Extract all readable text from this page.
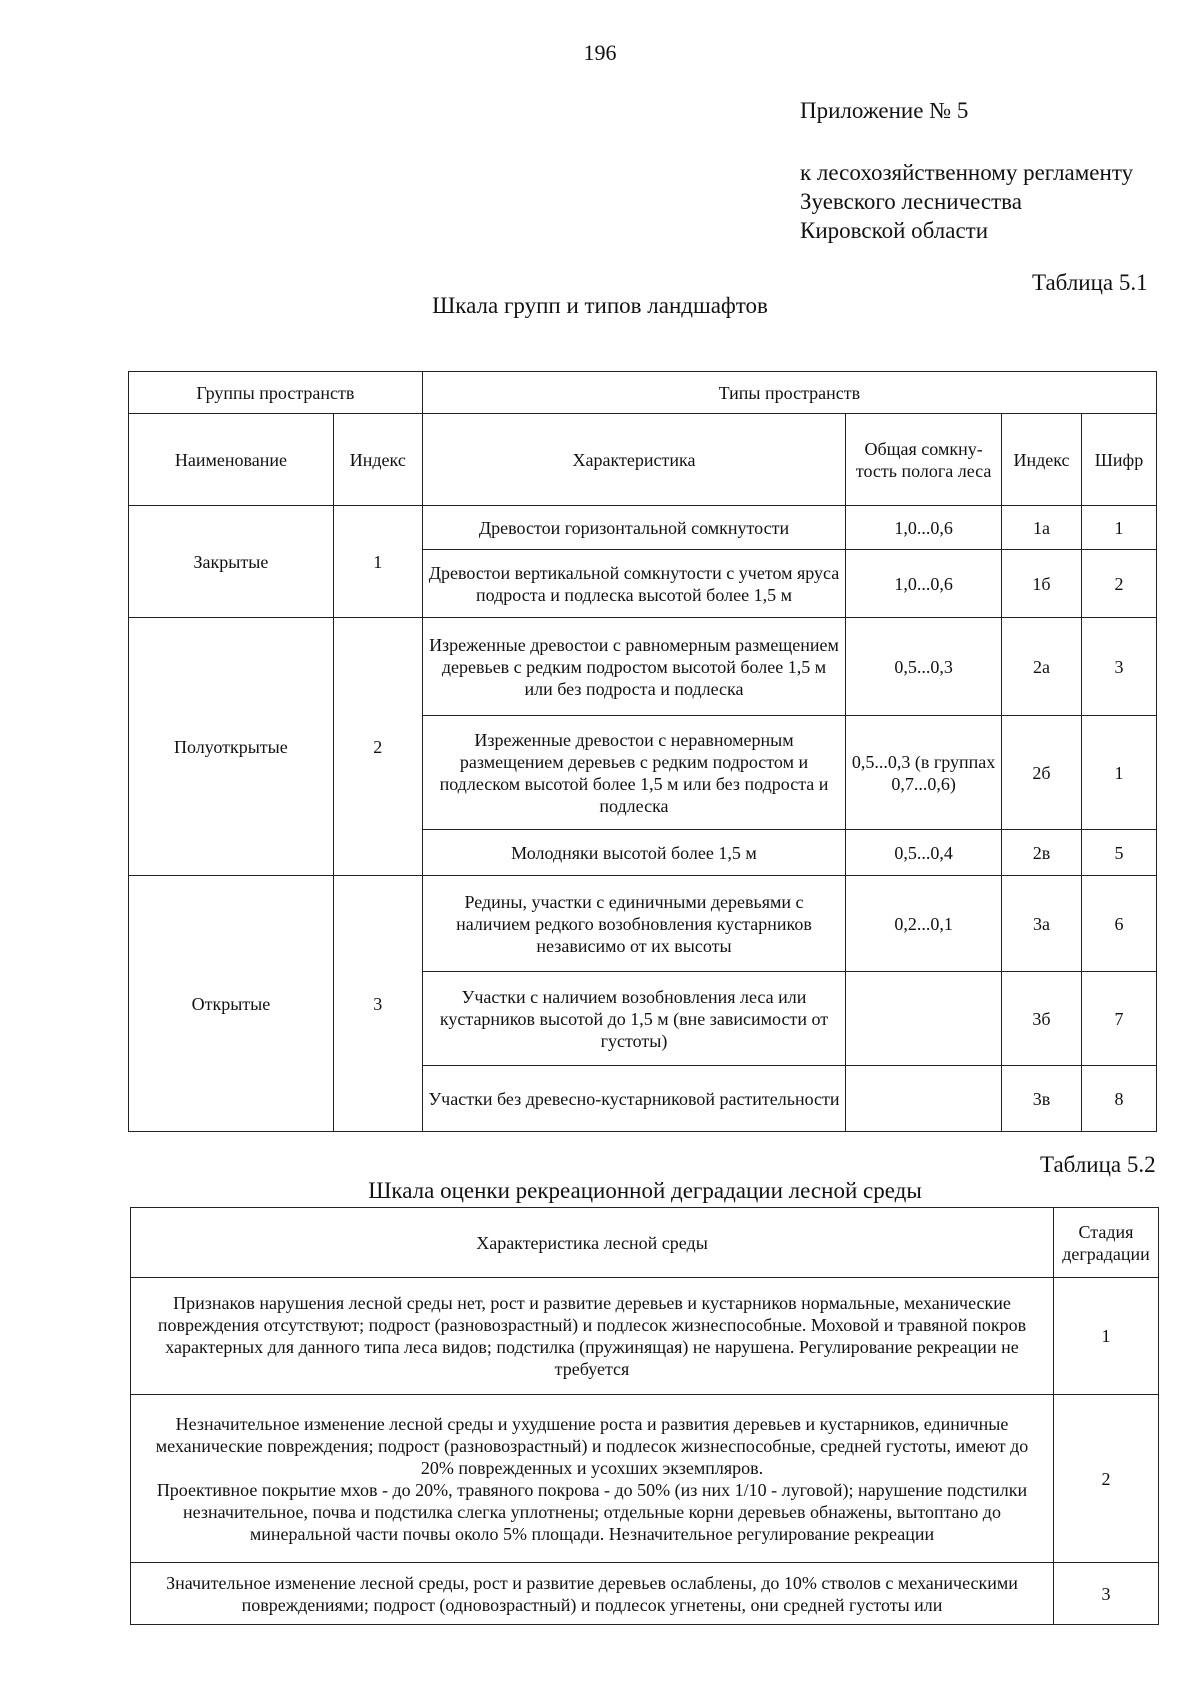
196
Приложение № 5
к лесохозяйственному регламенту
Зуевского лесничества
Кировской области
Таблица 5.1
Шкала групп и типов ландшафтов
Группы пространств		Типы пространств			
Наименование	Индекс	Характеристика	Общая сомкну-тость полога леса	Индекс	Шифр
Закрытые	1	Древостои горизонтальной сомкнутости	1,0...0,6	1а	1
		Древостои вертикальной сомкнутости с учетом яруса подроста и подлеска высотой более 1,5 м	1,0...0,6	1б	2
Полуоткрытые	2	Изреженные древостои с равномерным размещением деревьев с редким подростом высотой более 1,5 м или без подроста и подлеска	0,5...0,3	2а	3
		Изреженные древостои с неравномерным размещением деревьев с редким подростом и подлеском высотой более 1,5 м или без подроста и подлеска	0,5...0,3 (в группах 0,7...0,6)	2б	1
		Молодняки высотой более 1,5 м	0,5...0,4	2в	5
Открытые	3	Редины, участки с единичными деревьями с наличием редкого возобновления кустарников независимо от их высоты	0,2...0,1	3а	6
		Участки с наличием возобновления леса или кустарников высотой до 1,5 м (вне зависимости от густоты)		3б	7
		Участки без древесно-кустарниковой растительности		3в	8
Таблица 5.2
Шкала оценки рекреационной деградации лесной среды
Характеристика лесной среды	Стадия деградации
Признаков нарушения лесной среды нет, рост и развитие деревьев и кустарников нормальные, механические повреждения отсутствуют; подрост (разновозрастный) и подлесок жизнеспособные. Моховой и травяной покров характерных для данного типа леса видов; подстилка (пружинящая) не нарушена. Регулирование рекреации не требуется	1

Незначительное изменение лесной среды и ухудшение роста и развития деревьев и кустарников, единичные механические повреждения; подрост (разновозрастный) и подлесок жизнеспособные, средней густоты, имеют до 20% поврежденных и усохших экземпляров.
Проективное покрытие мхов - до 20%, травяного покрова - до 50% (из них 1/10 - луговой); нарушение подстилки незначительное, почва и подстилка слегка уплотнены; отдельные корни деревьев обнажены, вытоптано до минеральной части почвы около 5% площади. Незначительное регулирование рекреации	2
Значительное изменение лесной среды, рост и развитие деревьев ослаблены, до 10% стволов с механическими повреждениями; подрост (одновозрастный) и подлесок угнетены, они средней густоты или	3
